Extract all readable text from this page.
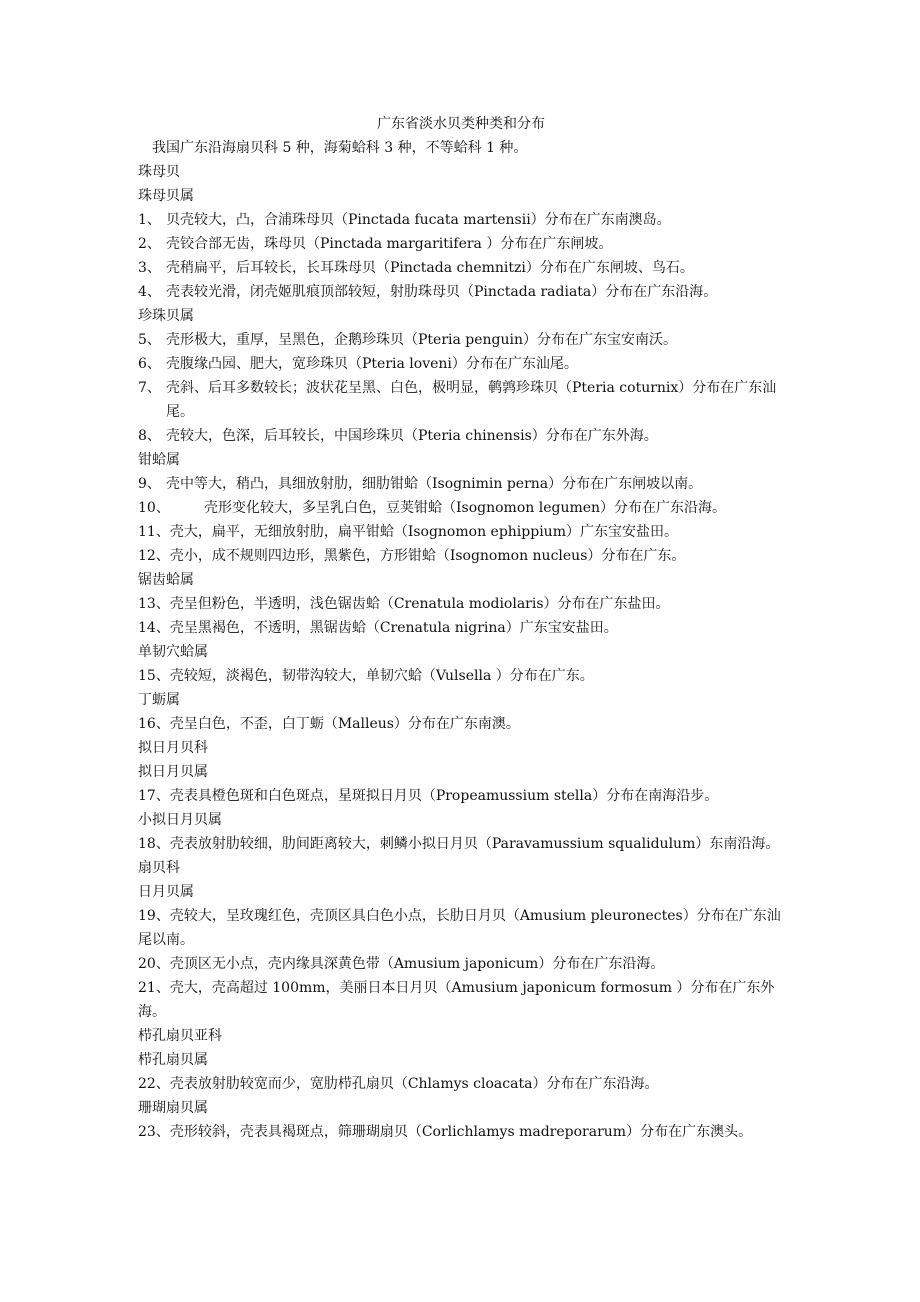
广东省淡水贝类种类和分布

我国广东沿海扇贝科 5 种，海菊蛤科 3 种，不等蛤科 1 种。

珠母贝

珠母贝属

1、 贝壳较大，凸，合浦珠母贝（Pinctada fucata martensii）分布在广东南澳岛。
2、 壳铰合部无齿，珠母贝（Pinctada margaritifera ）分布在广东闸坡。
3、 壳稍扁平，后耳较长，长耳珠母贝（Pinctada chemnitzi）分布在广东闸坡、鸟石。
4、 壳表较光滑，闭壳姬肌痕顶部较短，射肋珠母贝（Pinctada radiata）分布在广东沿海。

珍珠贝属

5、 壳形极大，重厚，呈黑色，企鹅珍珠贝（Pteria penguin）分布在广东宝安南沃。
6、 壳腹缘凸园、肥大，宽珍珠贝（Pteria loveni）分布在广东汕尾。
7、 壳斜、后耳多数较长；波状花呈黑、白色，极明显，鹌鹑珍珠贝（Pteria coturnix）分布在广东汕尾。
8、 壳较大，色深，后耳较长，中国珍珠贝（Pteria chinensis）分布在广东外海。

钳蛤属

9、 壳中等大，稍凸，具细放射肋，细肋钳蛤（Isognimin perna）分布在广东闸坡以南。
10、	壳形变化较大，多呈乳白色，豆荚钳蛤（Isognomon legumen）分布在广东沿海。

11、壳大，扁平，无细放射肋，扁平钳蛤（Isognomon ephippium）广东宝安盐田。

12、壳小，成不规则四边形，黑紫色，方形钳蛤（Isognomon nucleus）分布在广东。

锯齿蛤属

13、壳呈但粉色，半透明，浅色锯齿蛤（Crenatula modiolaris）分布在广东盐田。

14、壳呈黑褐色，不透明，黑锯齿蛤（Crenatula nigrina）广东宝安盐田。

单韧穴蛤属

15、壳较短，淡褐色，韧带沟较大，单韧穴蛤（Vulsella ）分布在广东。

丁蛎属

16、壳呈白色，不歪，白丁蛎（Malleus）分布在广东南澳。

拟日月贝科

拟日月贝属

17、壳表具橙色斑和白色斑点，星斑拟日月贝（Propeamussium stella）分布在南海沿步。

小拟日月贝属

18、壳表放射肋较细，肋间距离较大，刺鳞小拟日月贝（Paravamussium squalidulum）东南沿海。

扇贝科

日月贝属

19、壳较大，呈玫瑰红色，壳顶区具白色小点，长肋日月贝（Amusium pleuronectes）分布在广东汕尾以南。

20、壳顶区无小点，壳内缘具深黄色带（Amusium japonicum）分布在广东沿海。

21、壳大，壳高超过 100mm，美丽日本日月贝（Amusium japonicum formosum ）分布在广东外海。

栉孔扇贝亚科

栉孔扇贝属

22、壳表放射肋较宽而少，宽肋栉孔扇贝（Chlamys cloacata）分布在广东沿海。

珊瑚扇贝属

23、壳形较斜，壳表具褐斑点，筛珊瑚扇贝（Corlichlamys madreporarum）分布在广东澳头。
